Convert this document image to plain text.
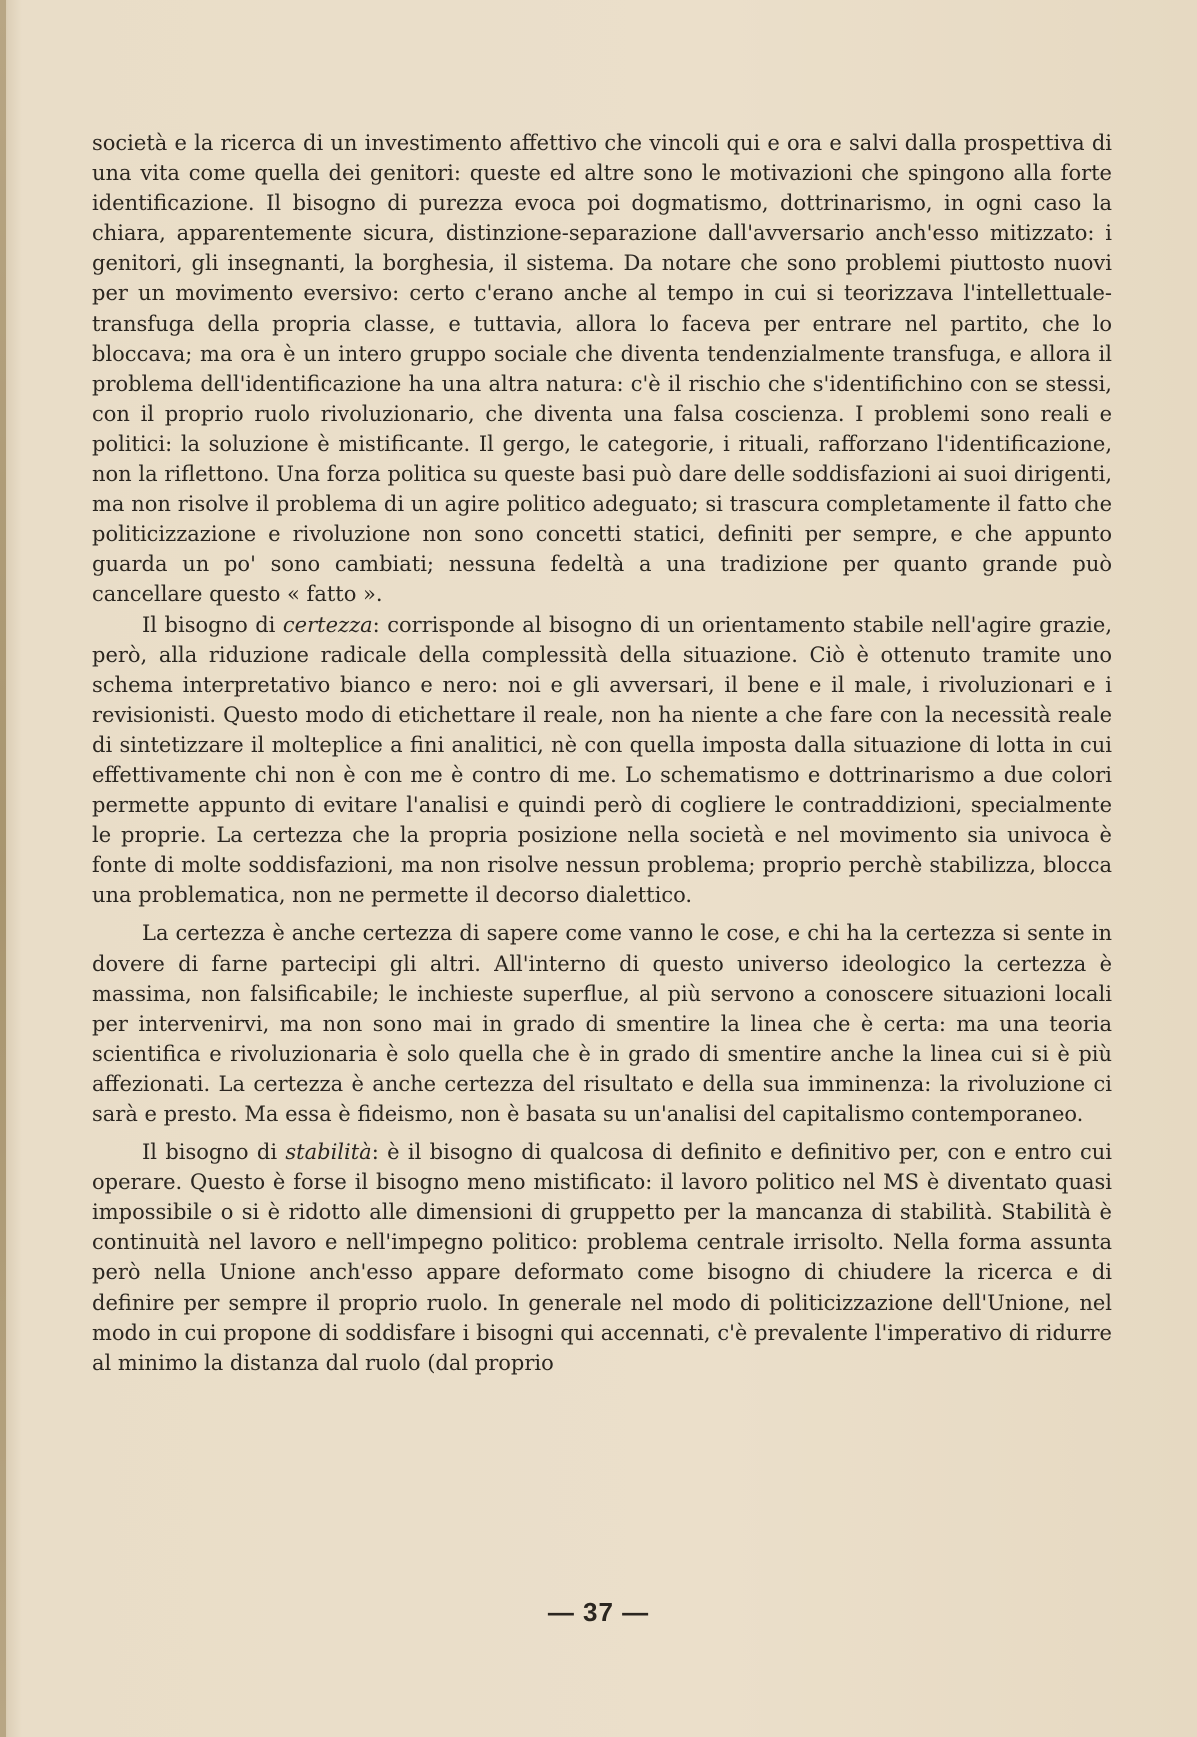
società e la ricerca di un investimento affettivo che vincoli qui e ora e salvi dalla prospettiva di una vita come quella dei genitori: queste ed altre sono le motivazioni che spingono alla forte identificazione. Il bisogno di purezza evoca poi dogmatismo, dottrinarismo, in ogni caso la chiara, apparentemente sicura, distinzione-separazione dall'avversario anch'esso mitizzato: i genitori, gli insegnanti, la borghesia, il sistema. Da notare che sono problemi piuttosto nuovi per un movimento eversivo: certo c'erano anche al tempo in cui si teorizzava l'intellettuale-transfuga della propria classe, e tuttavia, allora lo faceva per entrare nel partito, che lo bloccava; ma ora è un intero gruppo sociale che diventa tendenzialmente transfuga, e allora il problema dell'identificazione ha una altra natura: c'è il rischio che s'identifichino con se stessi, con il proprio ruolo rivoluzionario, che diventa una falsa coscienza. I problemi sono reali e politici: la soluzione è mistificante. Il gergo, le categorie, i rituali, rafforzano l'identificazione, non la riflettono. Una forza politica su queste basi può dare delle soddisfazioni ai suoi dirigenti, ma non risolve il problema di un agire politico adeguato; si trascura completamente il fatto che politicizzazione e rivoluzione non sono concetti statici, definiti per sempre, e che appunto guarda un po' sono cambiati; nessuna fedeltà a una tradizione per quanto grande può cancellare questo « fatto ».

Il bisogno di certezza: corrisponde al bisogno di un orientamento stabile nell'agire grazie, però, alla riduzione radicale della complessità della situazione. Ciò è ottenuto tramite uno schema interpretativo bianco e nero: noi e gli avversari, il bene e il male, i rivoluzionari e i revisionisti. Questo modo di etichettare il reale, non ha niente a che fare con la necessità reale di sintetizzare il molteplice a fini analitici, nè con quella imposta dalla situazione di lotta in cui effettivamente chi non è con me è contro di me. Lo schematismo e dottrinarismo a due colori permette appunto di evitare l'analisi e quindi però di cogliere le contraddizioni, specialmente le proprie. La certezza che la propria posizione nella società e nel movimento sia univoca è fonte di molte soddisfazioni, ma non risolve nessun problema; proprio perchè stabilizza, blocca una problematica, non ne permette il decorso dialettico.

La certezza è anche certezza di sapere come vanno le cose, e chi ha la certezza si sente in dovere di farne partecipi gli altri. All'interno di questo universo ideologico la certezza è massima, non falsificabile; le inchieste superflue, al più servono a conoscere situazioni locali per intervenirvi, ma non sono mai in grado di smentire la linea che è certa: ma una teoria scientifica e rivoluzionaria è solo quella che è in grado di smentire anche la linea cui si è più affezionati. La certezza è anche certezza del risultato e della sua imminenza: la rivoluzione ci sarà e presto. Ma essa è fideismo, non è basata su un'analisi del capitalismo contemporaneo.

Il bisogno di stabilità: è il bisogno di qualcosa di definito e definitivo per, con e entro cui operare. Questo è forse il bisogno meno mistificato: il lavoro politico nel MS è diventato quasi impossibile o si è ridotto alle dimensioni di gruppetto per la mancanza di stabilità. Stabilità è continuità nel lavoro e nell'impegno politico: problema centrale irrisolto. Nella forma assunta però nella Unione anch'esso appare deformato come bisogno di chiudere la ricerca e di definire per sempre il proprio ruolo. In generale nel modo di politicizzazione dell'Unione, nel modo in cui propone di soddisfare i bisogni qui accennati, c'è prevalente l'imperativo di ridurre al minimo la distanza dal ruolo (dal proprio

— 37 —
